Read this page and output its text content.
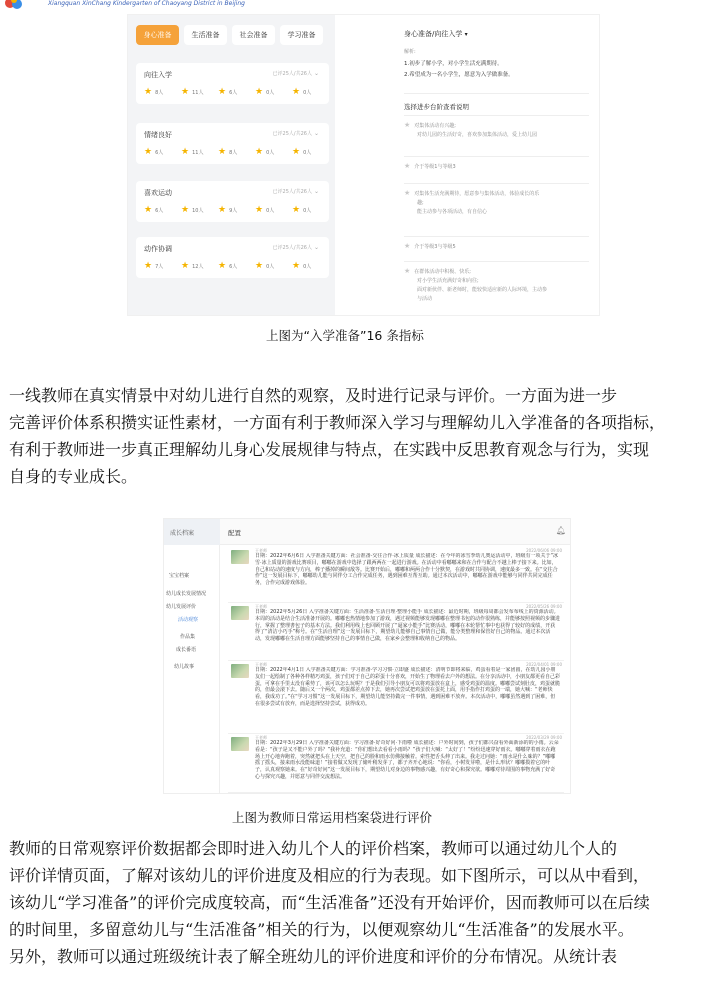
Xiangquan XinChang Kindergarten of Chaoyang District in Beijing
身心准备	生活准备	社会准备	学习准备
向往入学	已评25人/共26人 ⌄
★ 8人 ★ 11人 ★ 6人 ★ 0人 ★ 0人
情绪良好	已评25人/共26人 ⌄
★ 6人 ★ 11人 ★ 8人 ★ 0人 ★ 0人
喜欢运动	已评25人/共26人 ⌄
★ 6人 ★ 10人 ★ 9人 ★ 0人 ★ 0人
动作协调	已评25人/共26人 ⌄
★ 7人 ★ 12人 ★ 6人 ★ 0人 ★ 0人
身心准备/向往入学 ▾
解析:
1.初步了解小学，对小学生活充满期待。
2.希望成为一名小学生，愿意为入学做准备。
选择进步台阶查看说明
★ 对集体活动有兴趣;
对幼儿园的生活好奇，喜欢参加集体活动，爱上幼儿园
★ 介于等级1与等级3
★ 对集体生活充满期待，愿意参与集体活动，体验成长的乐
趣;
能主动参与各项活动，有自信心
★ 介于等级3与等级5
★ 在群体活动中积极、快乐;
对小学生活充满好奇和向往;
面对新伙伴、新老师时，能较快适应新的人际环境，主动参
与活动
上图为“入学准备”16 条指标
一线教师在真实情景中对幼儿进行自然的观察，及时进行记录与评价。一方面为进一步
完善评价体系积攒实证性素材，一方面有利于教师深入学习与理解幼儿入学准备的各项指标，
有利于教师进一步真正理解幼儿身心发展规律与特点，在实践中反思教育观念与行为，实现
自身的专业成长。
成长档案	配置	🔔︎
宝宝档案
幼儿成长发展情况
幼儿发展评价
活动观察
作品集
成长番语
幼儿故事
王老师	2022/06/06 09:00
日期：2022年6月6日 入学准备关键方面：社会准备·交往合作·冰上质量 成长描述：在今年的冰雪季幼儿奥运活动中，班级有一项关于“冰雪·冰上质量的游戏比赛项目，嘟嘟在游戏中选择了跟两两在一起进行游戏。在活动中看嘟嘟来和在合作与配合不越上棒子接下来。比如，自己和站动的速度与方向，棒子播掉的瞬间敌等。比赛开始后，嘟嘟和两两合作十分默契，在游戏时共同协调，速度最多一致。在“交往合作”这一发展目标下，嘟嘟幼儿能与同伴分工合作完成任务，遇到困难互帮互助。通过本次活动中，嘟嘟在游戏中能够与同伴共同完成任务，合作完成游戏体验。
王老师	2022/05/26 09:00
日期：2022年5月26日 入学准备关键方面：生活准备·生活自理·整理小能手 成长描述：最近时期，班级每周都会发布布线上的资源活动。本周的活动是结合生活准备开展的。嘟嘟也热情地参加了游戏，遇过视频能够发现嘟嘟在整理书包的动作很熟练，并能够按照视频的步骤进行，掌握了整理書包子的基本方法。我们利用线上也回顾开展了“逼家小能手”比赛活动，嘟嘟在本轮帮忙事中也获得了较好的成绩，开获得了“清洁小巧手”称号。在“生活自理”这一发展目标下，期望幼儿能够自己事情自己做，能分类整理和保管好自己的物品。通过本次活动，发现嘟嘟在生活自理方面能够坚持自己的事情自己做，在家乡会整理和收纳自己的物品。
王老师	2022/04/01 09:00
日期：2022年4月1日 入学准备关键方面：学习准备·学习习惯·立即盛 成长描述：清明节即将来临，鸡蛋看着是一家团圆，在幼儿园小朋友们一起绘制了各种各样精巧鸡蛋，孩子们对于自己的彩蛋十分喜欢，开始生了物理看去户外的想法。在分享活动中，小朋友都更看自己彩蛋，可拿在手里太没有乘势了，该可以怎么玩呢？于是我们引导小朋友可以将鸡蛋放在盒上，感受鸡蛋的温度。嘟嘟尝试刻肚皮，鸡蛋就脆的，但最会滚下去。随后又一个两次，鸡蛋都差点掉下去，她再次尝试把鸡蛋放在蛋托上面，用手指作打鸡蛋的一端，她大喊：“老师快看，我成功了。”在“学习习惯”这一发展目标下，期望幼儿能坚持做完一件事情，遇到困难不放弃。本次活动中，嘟嘟虽然遇到了困难，但在很多尝试有放弃，而是选择坚持尝试，获得成功。
王老师	2022/03/29 09:00
日期：2022年3月29日 入学准备关键方面：学习准备·好奇好问·下雨啦 成长描述：户外时间到，孩子们都兴奋看外面新添的的小雨。云朵看是：“孩子是又不能户外了吗？”我补充道：“你们想出去看看小雨吗？”孩子们大喊：“太好了！”纷纷迅速穿好雨衣。嘟嘟穿着雨衣在跑场上开心地奔跑着，突然就把头在上天空，把自己的脸和雨水仿佛接触着。索性把舌头伸了出来。我走过问她：“雨水是什么味的？”嘟嘟摇了摇头，接来雨水没能味道！”接着做又发现了储叶稍发芽了，都子齐开心地说：“你看，小树发芽啦，是什么形状？嘟嘟摸着它的叶子，认真观察她来。在“好奇好问”这一发展目标下，期望幼儿对身边的事物感兴趣，有好奇心和探究欲。嘟嘟对待周围的事物充满了好奇心与探究兴趣，并愿意与同伴交流想法。
上图为教师日常运用档案袋进行评价
教师的日常观察评价数据都会即时进入幼儿个人的评价档案，教师可以通过幼儿个人的
评价详情页面，了解对该幼儿的评价进度及相应的行为表现。如下图所示，可以从中看到，
该幼儿“学习准备”的评价完成度较高，而“生活准备”还没有开始评价，因而教师可以在后续
的时间里，多留意幼儿与“生活准备”相关的行为，以便观察幼儿“生活准备”的发展水平。
另外，教师可以通过班级统计表了解全班幼儿的评价进度和评价的分布情况。从统计表
